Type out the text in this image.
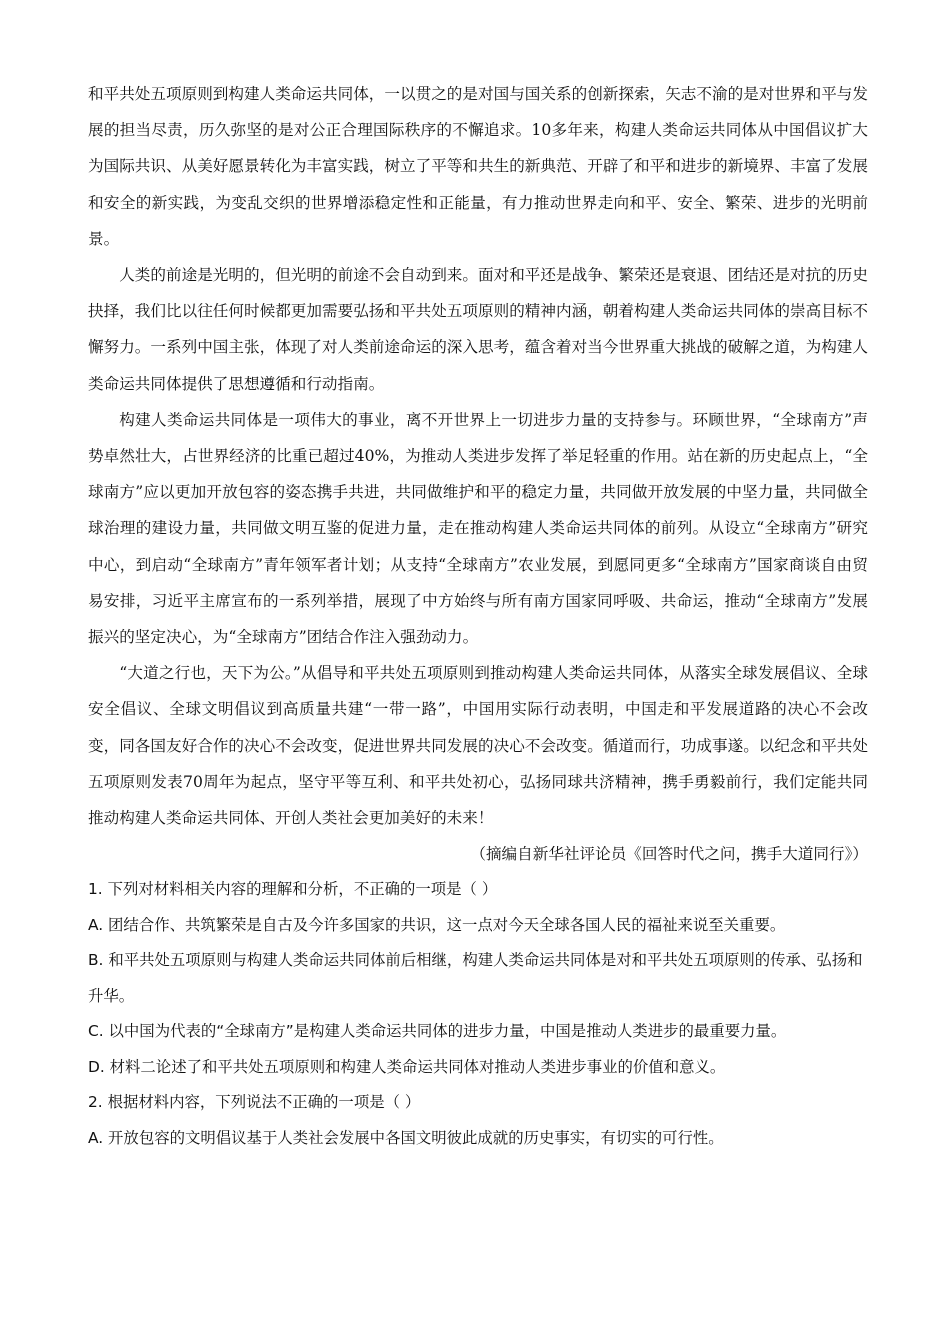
和平共处五项原则到构建人类命运共同体，一以贯之的是对国与国关系的创新探索，矢志不渝的是对世界和平与发展的担当尽责，历久弥坚的是对公正合理国际秩序的不懈追求。10多年来，构建人类命运共同体从中国倡议扩大为国际共识、从美好愿景转化为丰富实践，树立了平等和共生的新典范、开辟了和平和进步的新境界、丰富了发展和安全的新实践，为变乱交织的世界增添稳定性和正能量，有力推动世界走向和平、安全、繁荣、进步的光明前景。

人类的前途是光明的，但光明的前途不会自动到来。面对和平还是战争、繁荣还是衰退、团结还是对抗的历史抉择，我们比以往任何时候都更加需要弘扬和平共处五项原则的精神内涵，朝着构建人类命运共同体的崇高目标不懈努力。一系列中国主张，体现了对人类前途命运的深入思考，蕴含着对当今世界重大挑战的破解之道，为构建人类命运共同体提供了思想遵循和行动指南。

构建人类命运共同体是一项伟大的事业，离不开世界上一切进步力量的支持参与。环顾世界，“全球南方”声势卓然壮大，占世界经济的比重已超过40%，为推动人类进步发挥了举足轻重的作用。站在新的历史起点上，“全球南方”应以更加开放包容的姿态携手共进，共同做维护和平的稳定力量，共同做开放发展的中坚力量，共同做全球治理的建设力量，共同做文明互鉴的促进力量，走在推动构建人类命运共同体的前列。从设立“全球南方”研究中心，到启动“全球南方”青年领军者计划；从支持“全球南方”农业发展，到愿同更多“全球南方”国家商谈自由贸易安排，习近平主席宣布的一系列举措，展现了中方始终与所有南方国家同呼吸、共命运，推动“全球南方”发展振兴的坚定决心，为“全球南方”团结合作注入强劲动力。

“大道之行也，天下为公。”从倡导和平共处五项原则到推动构建人类命运共同体，从落实全球发展倡议、全球安全倡议、全球文明倡议到高质量共建“一带一路”，中国用实际行动表明，中国走和平发展道路的决心不会改变，同各国友好合作的决心不会改变，促进世界共同发展的决心不会改变。循道而行，功成事遂。以纪念和平共处五项原则发表70周年为起点，坚守平等互利、和平共处初心，弘扬同球共济精神，携手勇毅前行，我们定能共同推动构建人类命运共同体、开创人类社会更加美好的未来！

（摘编自新华社评论员《回答时代之问，携手大道同行》）

1. 下列对材料相关内容的理解和分析，不正确的一项是（ ）

A. 团结合作、共筑繁荣是自古及今许多国家的共识，这一点对今天全球各国人民的福祉来说至关重要。

B. 和平共处五项原则与构建人类命运共同体前后相继，构建人类命运共同体是对和平共处五项原则的传承、弘扬和升华。

C. 以中国为代表的“全球南方”是构建人类命运共同体的进步力量，中国是推动人类进步的最重要力量。

D. 材料二论述了和平共处五项原则和构建人类命运共同体对推动人类进步事业的价值和意义。

2. 根据材料内容，下列说法不正确的一项是（ ）

A. 开放包容的文明倡议基于人类社会发展中各国文明彼此成就的历史事实，有切实的可行性。
